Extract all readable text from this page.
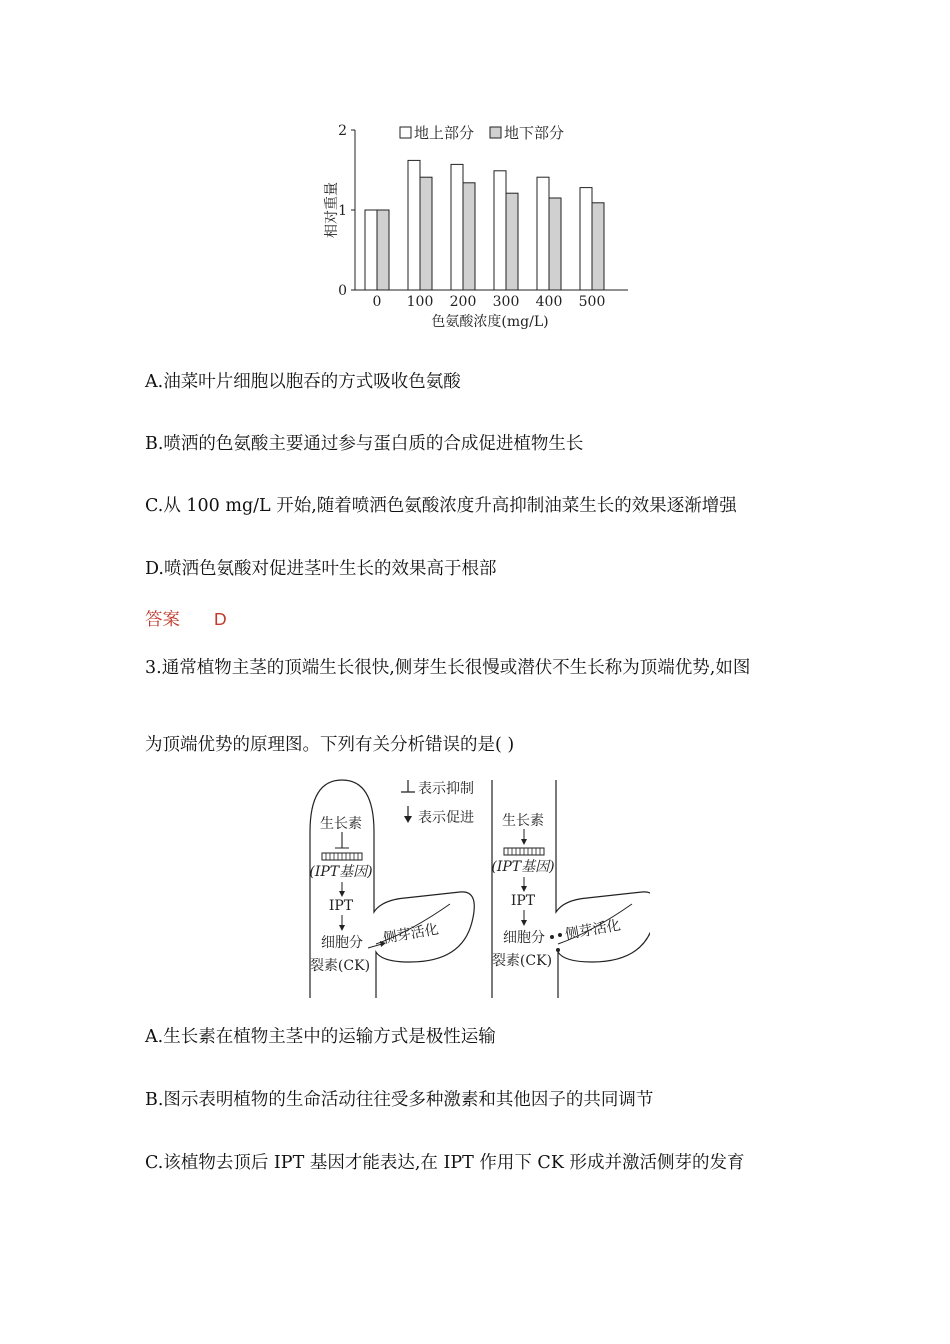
0
1
2
0 100 200 300 400 500
相对重量
色氨酸浓度(mg/L)
地上部分 地下部分
A.油菜叶片细胞以胞吞的方式吸收色氨酸
B.喷洒的色氨酸主要通过参与蛋白质的合成促进植物生长
C.从 100 mg/L 开始,随着喷洒色氨酸浓度升高抑制油菜生长的效果逐渐增强
D.喷洒色氨酸对促进茎叶生长的效果高于根部
答案 D
3.通常植物主茎的顶端生长很快,侧芽生长很慢或潜伏不生长称为顶端优势,如图
为顶端优势的原理图。下列有关分析错误的是( )
表示抑制
表示促进
生长素
(IPT基因)
IPT
细胞分
裂素(CK)
侧芽活化
生长素
(IPT基因)
IPT
细胞分
裂素(CK)
侧芽活化
A.生长素在植物主茎中的运输方式是极性运输
B.图示表明植物的生命活动往往受多种激素和其他因子的共同调节
C.该植物去顶后 IPT 基因才能表达,在 IPT 作用下 CK 形成并激活侧芽的发育
